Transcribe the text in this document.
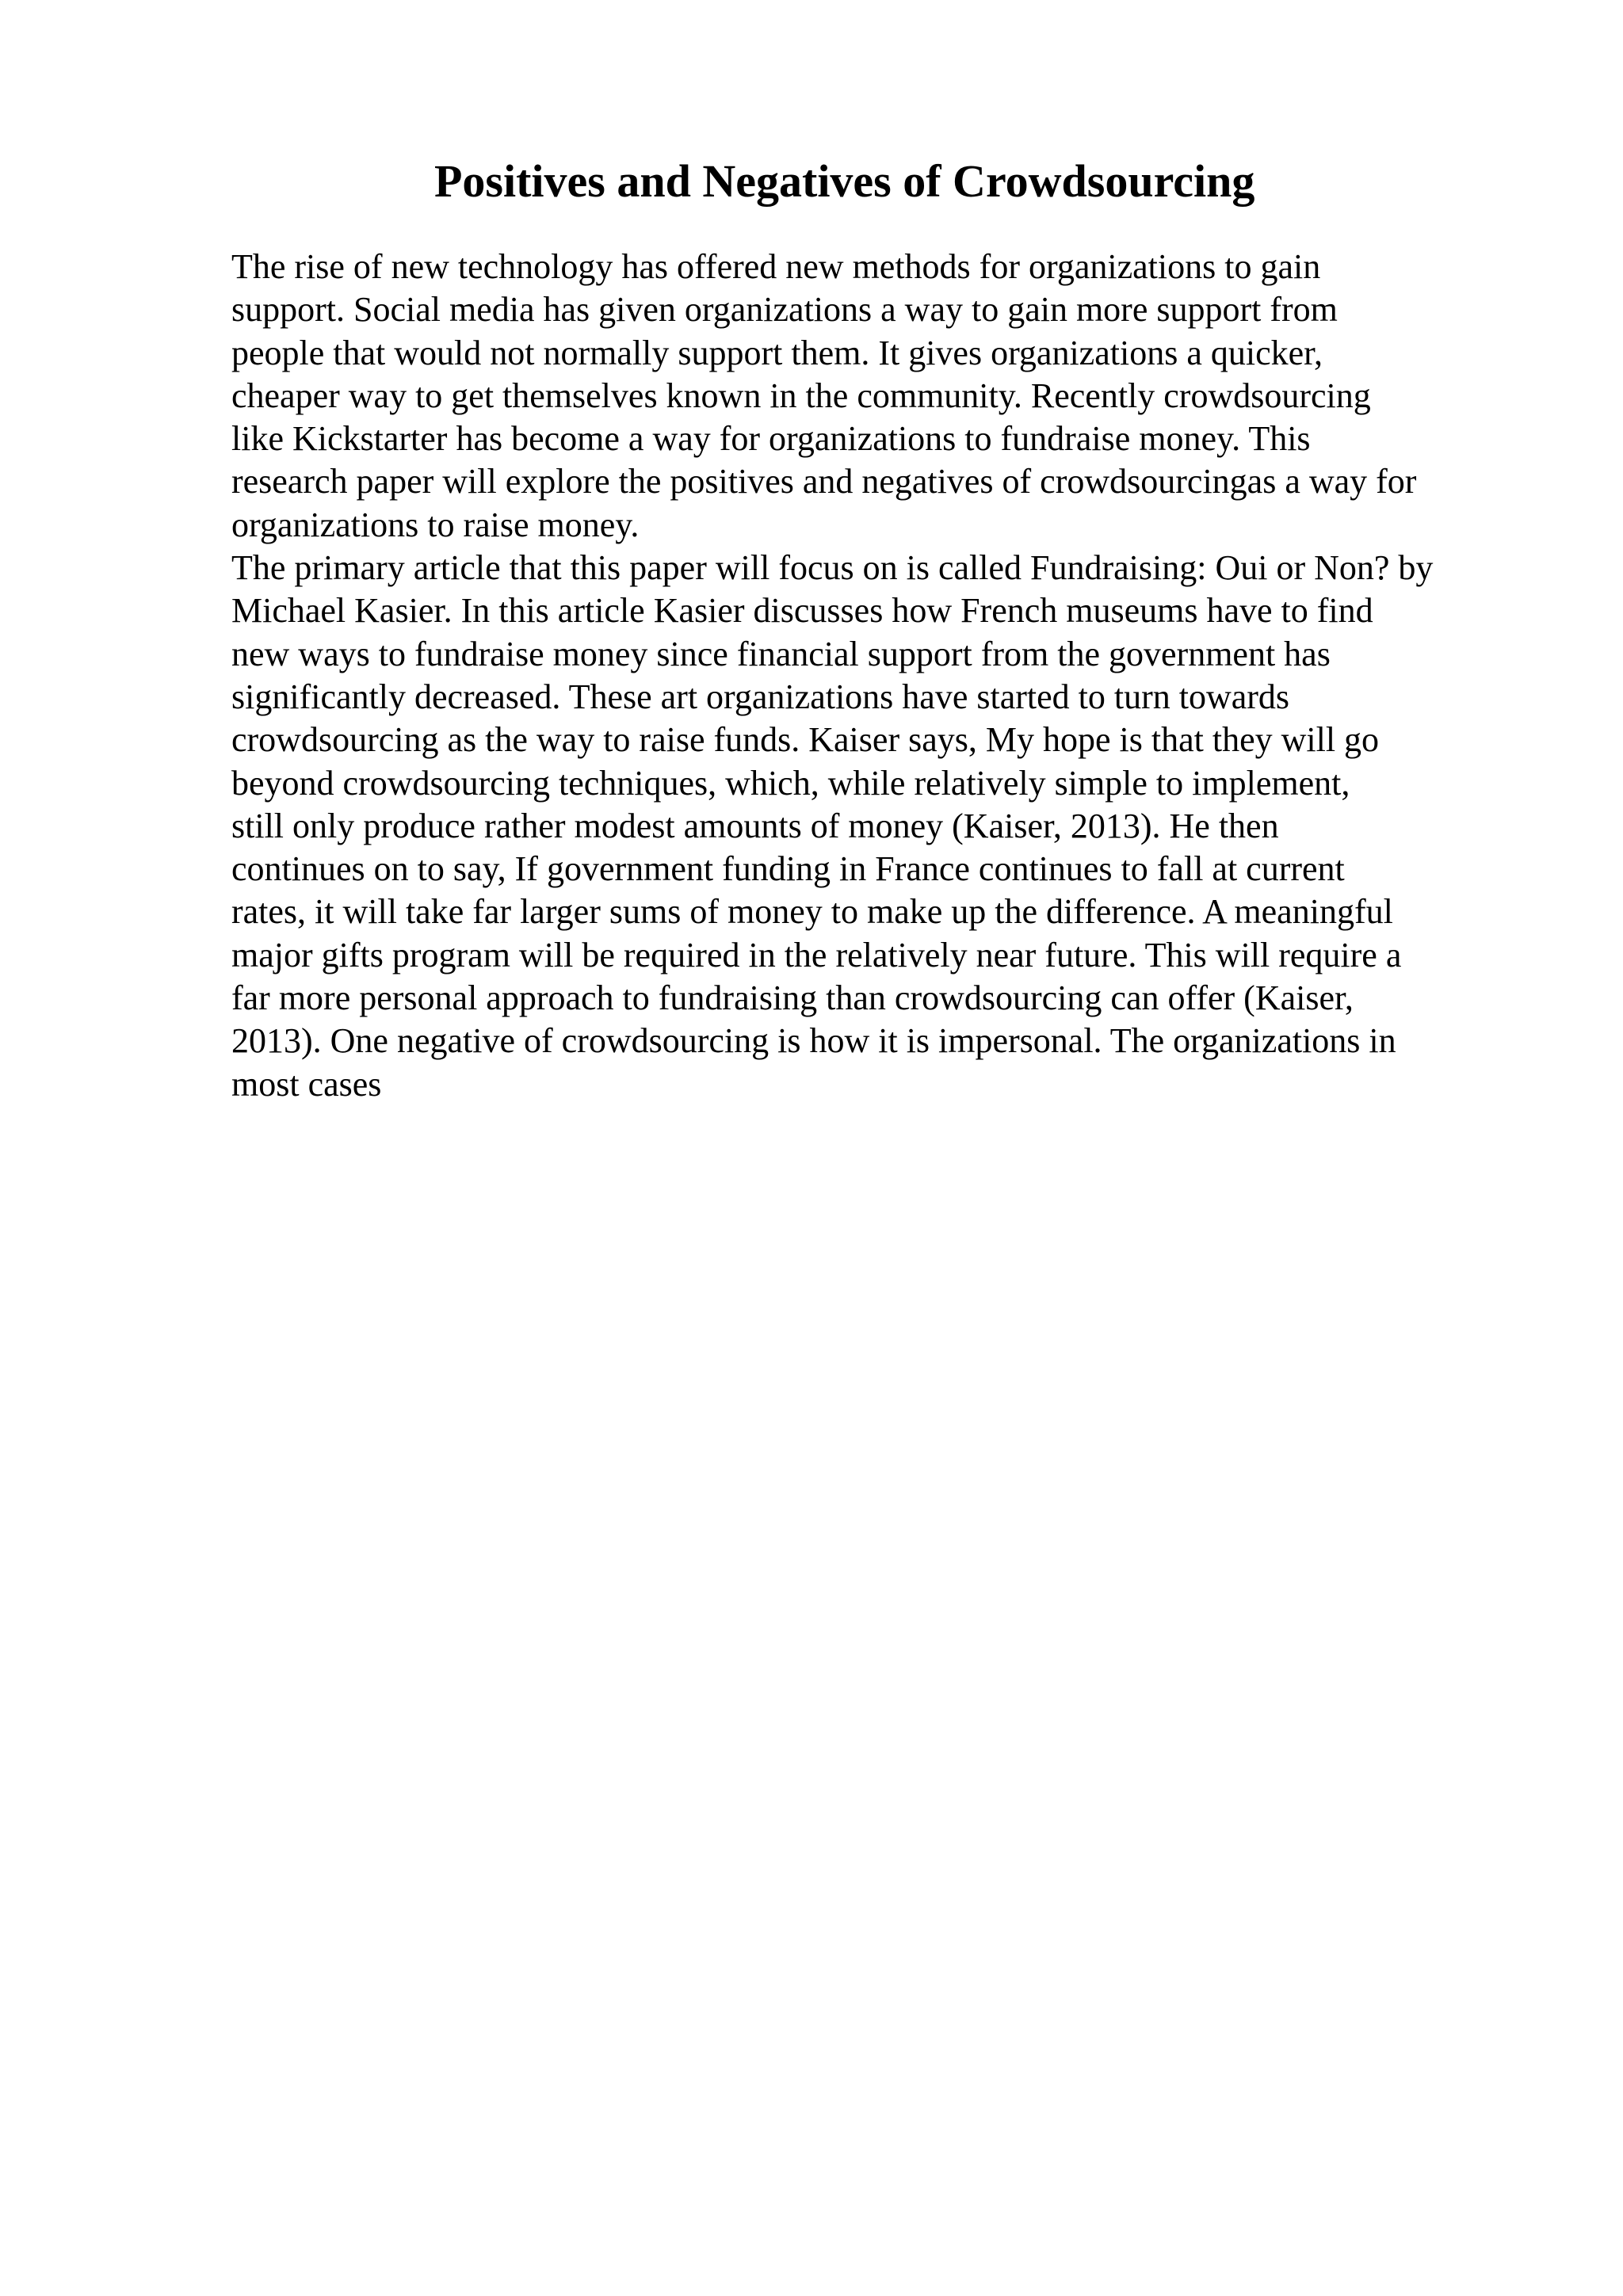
Positives and Negatives of Crowdsourcing
The rise of new technology has offered new methods for organizations to gain
support. Social media has given organizations a way to gain more support from
people that would not normally support them. It gives organizations a quicker,
cheaper way to get themselves known in the community. Recently crowdsourcing
like Kickstarter has become a way for organizations to fundraise money. This
research paper will explore the positives and negatives of crowdsourcingas a way for
organizations to raise money.
The primary article that this paper will focus on is called Fundraising: Oui or Non? by
Michael Kasier. In this article Kasier discusses how French museums have to find
new ways to fundraise money since financial support from the government has
significantly decreased. These art organizations have started to turn towards
crowdsourcing as the way to raise funds. Kaiser says, My hope is that they will go
beyond crowdsourcing techniques, which, while relatively simple to implement,
still only produce rather modest amounts of money (Kaiser, 2013). He then
continues on to say, If government funding in France continues to fall at current
rates, it will take far larger sums of money to make up the difference. A meaningful
major gifts program will be required in the relatively near future. This will require a
far more personal approach to fundraising than crowdsourcing can offer (Kaiser,
2013). One negative of crowdsourcing is how it is impersonal. The organizations in
most cases
